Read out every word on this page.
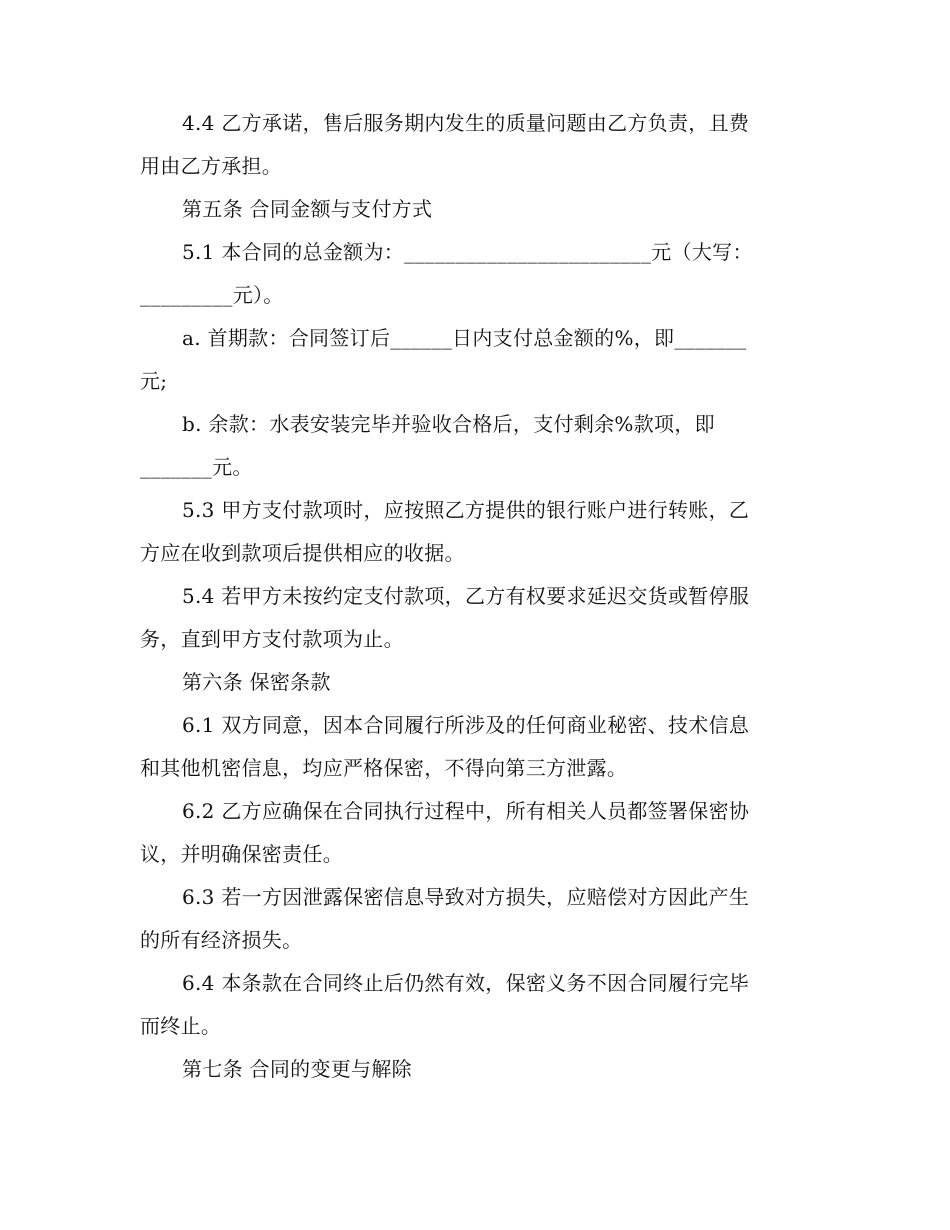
4.4 乙方承诺，售后服务期内发生的质量问题由乙方负责，且费
用由乙方承担。
第五条 合同金额与支付方式
5.1 本合同的总金额为：________________________元（大写：
_________元）。
a. 首期款：合同签订后______日内支付总金额的%，即_______
元;
b. 余款：水表安装完毕并验收合格后，支付剩余%款项，即
_______元。
5.3 甲方支付款项时，应按照乙方提供的银行账户进行转账，乙
方应在收到款项后提供相应的收据。
5.4 若甲方未按约定支付款项，乙方有权要求延迟交货或暂停服
务，直到甲方支付款项为止。
第六条 保密条款
6.1 双方同意，因本合同履行所涉及的任何商业秘密、技术信息
和其他机密信息，均应严格保密，不得向第三方泄露。
6.2 乙方应确保在合同执行过程中，所有相关人员都签署保密协
议，并明确保密责任。
6.3 若一方因泄露保密信息导致对方损失，应赔偿对方因此产生
的所有经济损失。
6.4 本条款在合同终止后仍然有效，保密义务不因合同履行完毕
而终止。
第七条 合同的变更与解除
